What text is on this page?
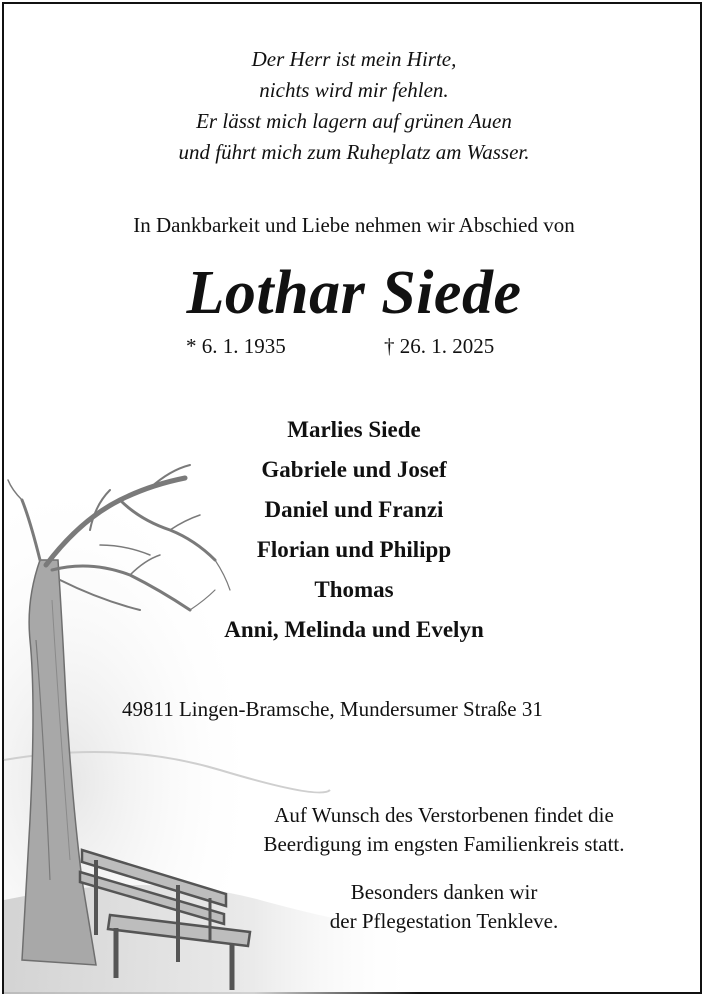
Der Herr ist mein Hirte,
nichts wird mir fehlen.
Er lässt mich lagern auf grünen Auen
und führt mich zum Ruheplatz am Wasser.
In Dankbarkeit und Liebe nehmen wir Abschied von
Lothar Siede
* 6. 1. 1935	† 26. 1. 2025
Marlies Siede
Gabriele und Josef
Daniel und Franzi
Florian und Philipp
Thomas
Anni, Melinda und Evelyn
49811 Lingen-Bramsche, Mundersumer Straße 31
Auf Wunsch des Verstorbenen findet die
Beerdigung im engsten Familienkreis statt.
Besonders danken wir
der Pflegestation Tenkleve.
